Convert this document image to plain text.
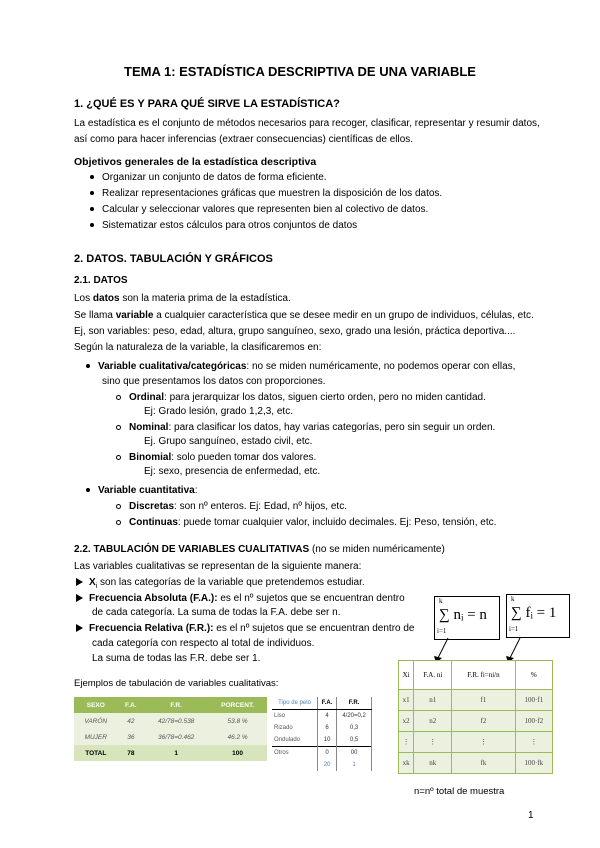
TEMA 1: ESTADÍSTICA DESCRIPTIVA DE UNA VARIABLE
1. ¿QUÉ ES Y PARA QUÉ SIRVE LA ESTADÍSTICA?
La estadística es el conjunto de métodos necesarios para recoger, clasificar, representar y resumir datos,
así como para hacer inferencias (extraer consecuencias) científicas de ellos.
Objetivos generales de la estadística descriptiva
Organizar un conjunto de datos de forma eficiente.
Realizar representaciones gráficas que muestren la disposición de los datos.
Calcular y seleccionar valores que representen bien al colectivo de datos.
Sistematizar estos cálculos para otros conjuntos de datos
2. DATOS. TABULACIÓN Y GRÁFICOS
2.1. DATOS
Los datos son la materia prima de la estadística.
Se llama variable a cualquier característica que se desee medir en un grupo de individuos, células, etc.
Ej, son variables: peso, edad, altura, grupo sanguíneo, sexo, grado una lesión, práctica deportiva....
Según la naturaleza de la variable, la clasificaremos en:
Variable cualitativa/categóricas: no se miden numéricamente, no podemos operar con ellas,
sino que presentamos los datos con proporciones.
Ordinal: para jerarquizar los datos, siguen cierto orden, pero no miden cantidad.
Ej: Grado lesión, grado 1,2,3, etc.
Nominal: para clasificar los datos, hay varias categorías, pero sin seguir un orden.
Ej. Grupo sanguíneo, estado civil, etc.
Binomial: solo pueden tomar dos valores.
Ej: sexo, presencia de enfermedad, etc.
Variable cuantitativa:
Discretas: son nº enteros. Ej: Edad, nº hijos, etc.
Continuas: puede tomar cualquier valor, incluido decimales. Ej: Peso, tensión, etc.
2.2. TABULACIÓN DE VARIABLES CUALITATIVAS (no se miden numéricamente)
Las variables cualitativas se representan de la siguiente manera:
$X_i$ son las categorías de la variable que pretendemos estudiar.
Frecuencia Absoluta (F.A.): es el nº sujetos que se encuentran dentro
de cada categoría. La suma de todas la F.A. debe ser n.
Frecuencia Relativa (F.R.): es el nº sujetos que se encuentran dentro de
cada categoría con respecto al total de individuos.
La suma de todas las F.R. debe ser 1.
k
∑ nᵢ = n
i=1
k
∑ fᵢ = 1
i=1
Ejemplos de tabulación de variables cualitativas:
SEXO	F.A.	F.R.	PORCENT.
VARÓN	42	42/78=0.538	53.8 %
MUJER	36	36/78=0.462	46.2 %
TOTAL	78	1	100
Tipo de pelo	F.A.	F.R.
Liso	4	4/20=0,2
Rizado	6	0,3
Ondulado	10	0,5
Otros	0	00
	20	1
Xi	F.A. ni	F.R. fi=ni/n	%
x1	n1	f1	100·f1
x2	n2	f2	100·f2
⋮	⋮	⋮	⋮
xk	nk	fk	100·fk
n=nº total de muestra
1
